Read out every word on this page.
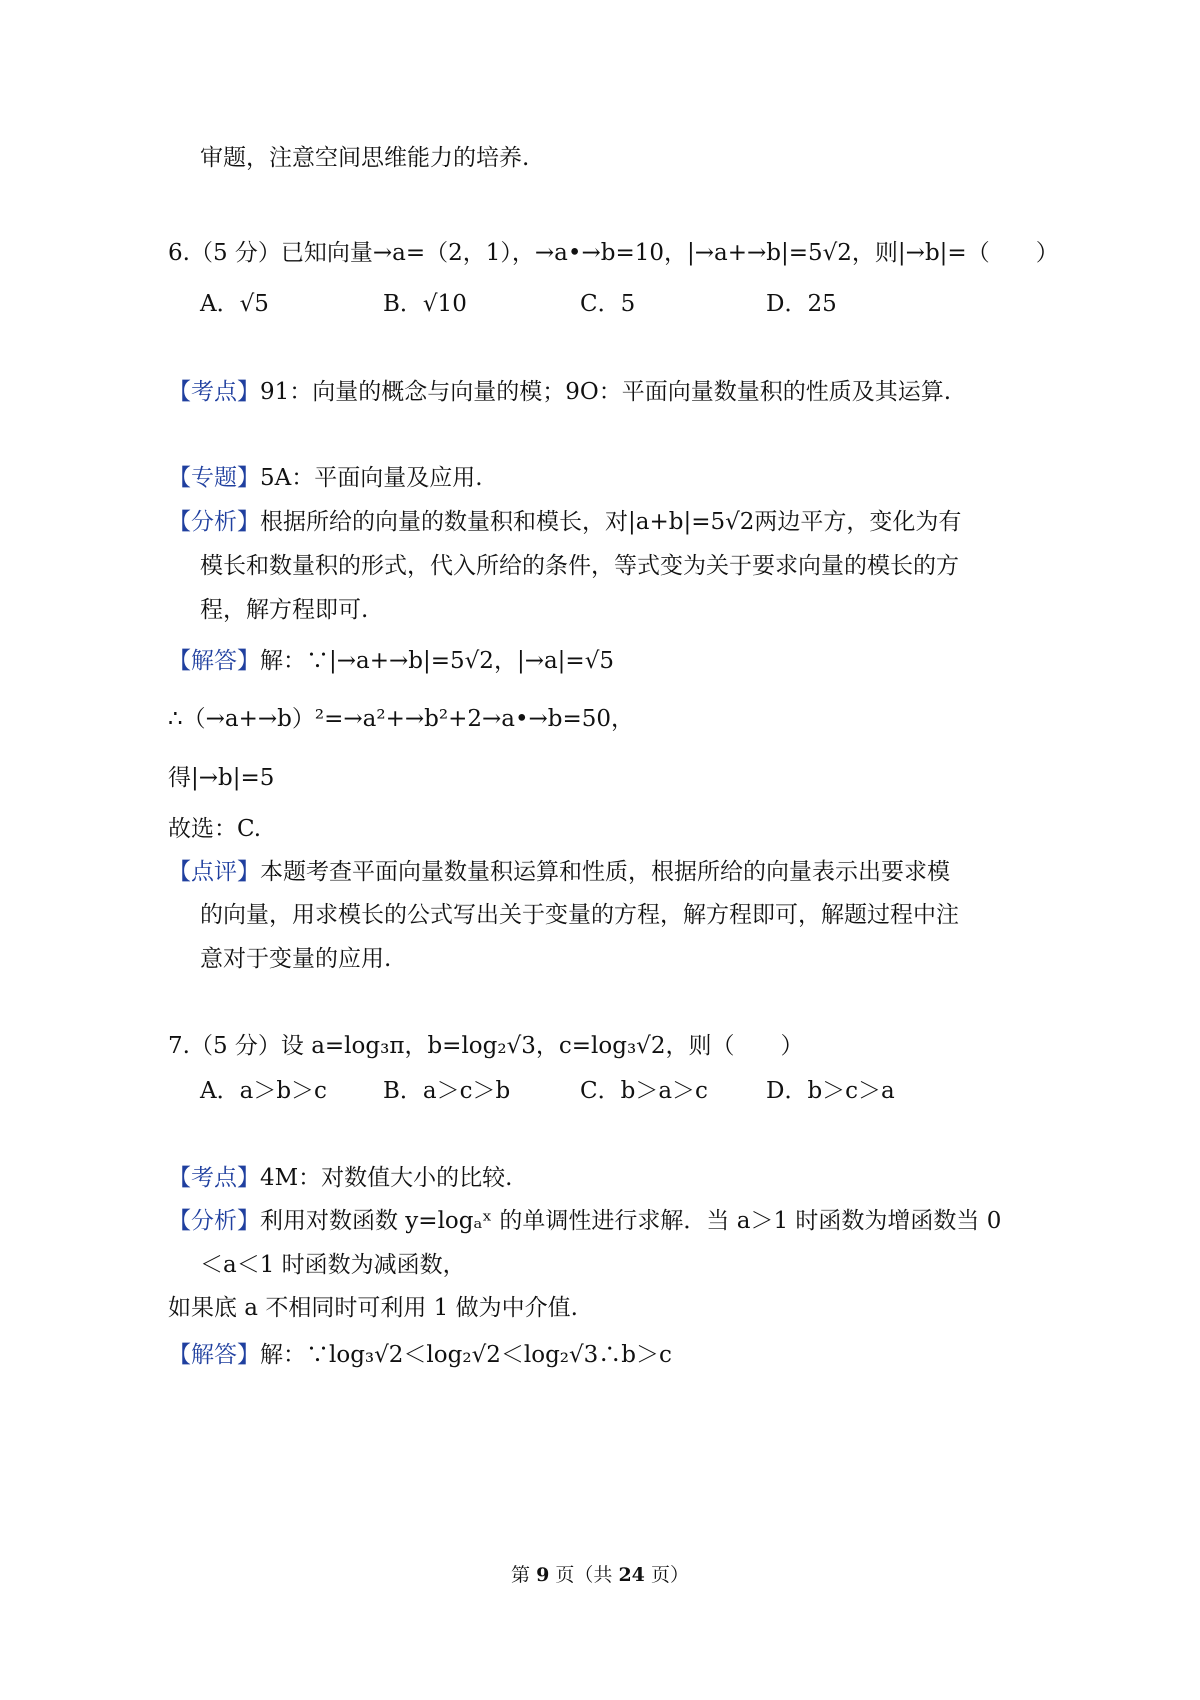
审题，注意空间思维能力的培养.
6.（5 分）已知向量→a=（2，1），→a•→b=10，|→a+→b|=5√2，则|→b|=（　　）
A．√5	B．√10	C．5	D．25
【考点】91：向量的概念与向量的模；9O：平面向量数量积的性质及其运算.
【专题】5A：平面向量及应用.
【分析】根据所给的向量的数量积和模长，对|a+b|=5√2两边平方，变化为有
模长和数量积的形式，代入所给的条件，等式变为关于要求向量的模长的方
程，解方程即可.
【解答】解：∵|→a+→b|=5√2，|→a|=√5
∴（→a+→b）²=→a²+→b²+2→a•→b=50，
得|→b|=5
故选：C.
【点评】本题考查平面向量数量积运算和性质，根据所给的向量表示出要求模
的向量，用求模长的公式写出关于变量的方程，解方程即可，解题过程中注
意对于变量的应用.
7.（5 分）设 a=log₃π，b=log₂√3，c=log₃√2，则（　　）
A．a＞b＞c B．a＞c＞b	C．b＞a＞c	D．b＞c＞a
【考点】4M：对数值大小的比较.
【分析】利用对数函数 y=logₐˣ 的单调性进行求解．当 a＞1 时函数为增函数当 0
＜a＜1 时函数为减函数，
如果底 a 不相同时可利用 1 做为中介值.
【解答】解：∵log₃√2＜log₂√2＜log₂√3∴b＞c
第 9 页（共 24 页）
